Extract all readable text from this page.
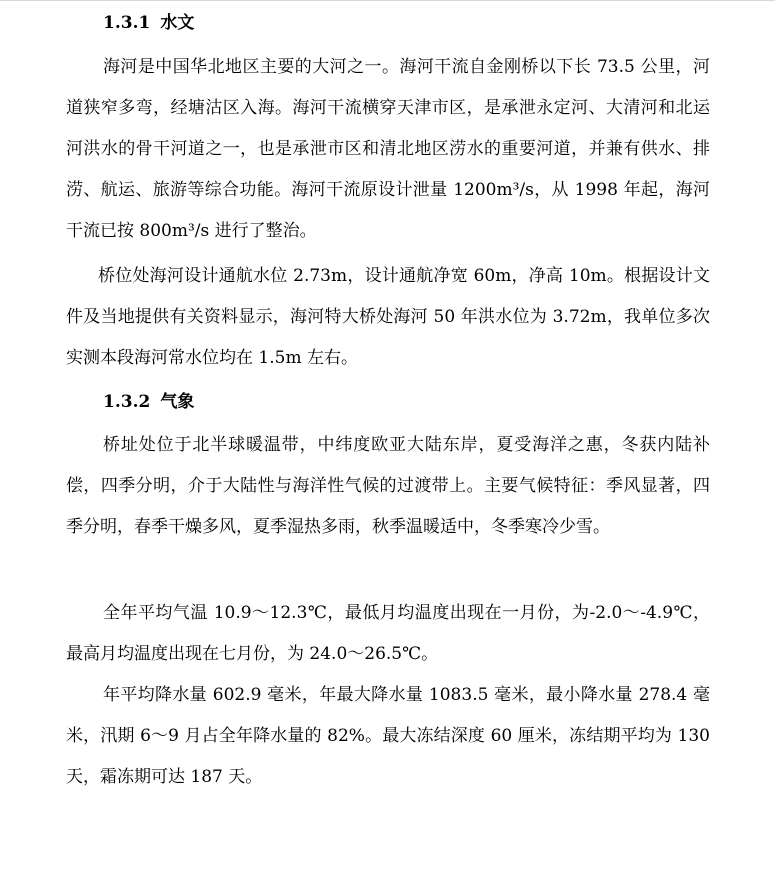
1.3.1 水文

海河是中国华北地区主要的大河之一。海河干流自金刚桥以下长 73.5 公里，河道狭窄多弯，经塘沽区入海。海河干流横穿天津市区，是承泄永定河、大清河和北运河洪水的骨干河道之一，也是承泄市区和清北地区涝水的重要河道，并兼有供水、排涝、航运、旅游等综合功能。海河干流原设计泄量 1200m³/s，从 1998 年起，海河干流已按 800m³/s 进行了整治。

桥位处海河设计通航水位 2.73m，设计通航净宽 60m，净高 10m。根据设计文件及当地提供有关资料显示，海河特大桥处海河 50 年洪水位为 3.72m，我单位多次实测本段海河常水位均在 1.5m 左右。

1.3.2 气象

桥址处位于北半球暖温带，中纬度欧亚大陆东岸，夏受海洋之惠，冬获内陆补偿，四季分明，介于大陆性与海洋性气候的过渡带上。主要气候特征：季风显著，四季分明，春季干燥多风，夏季湿热多雨，秋季温暖适中，冬季寒冷少雪。

全年平均气温 10.9～12.3℃，最低月均温度出现在一月份，为-2.0～-4.9℃，最高月均温度出现在七月份，为 24.0～26.5℃。

年平均降水量 602.9 毫米，年最大降水量 1083.5 毫米，最小降水量 278.4 毫米，汛期 6～9 月占全年降水量的 82%。最大冻结深度 60 厘米，冻结期平均为 130 天，霜冻期可达 187 天。
